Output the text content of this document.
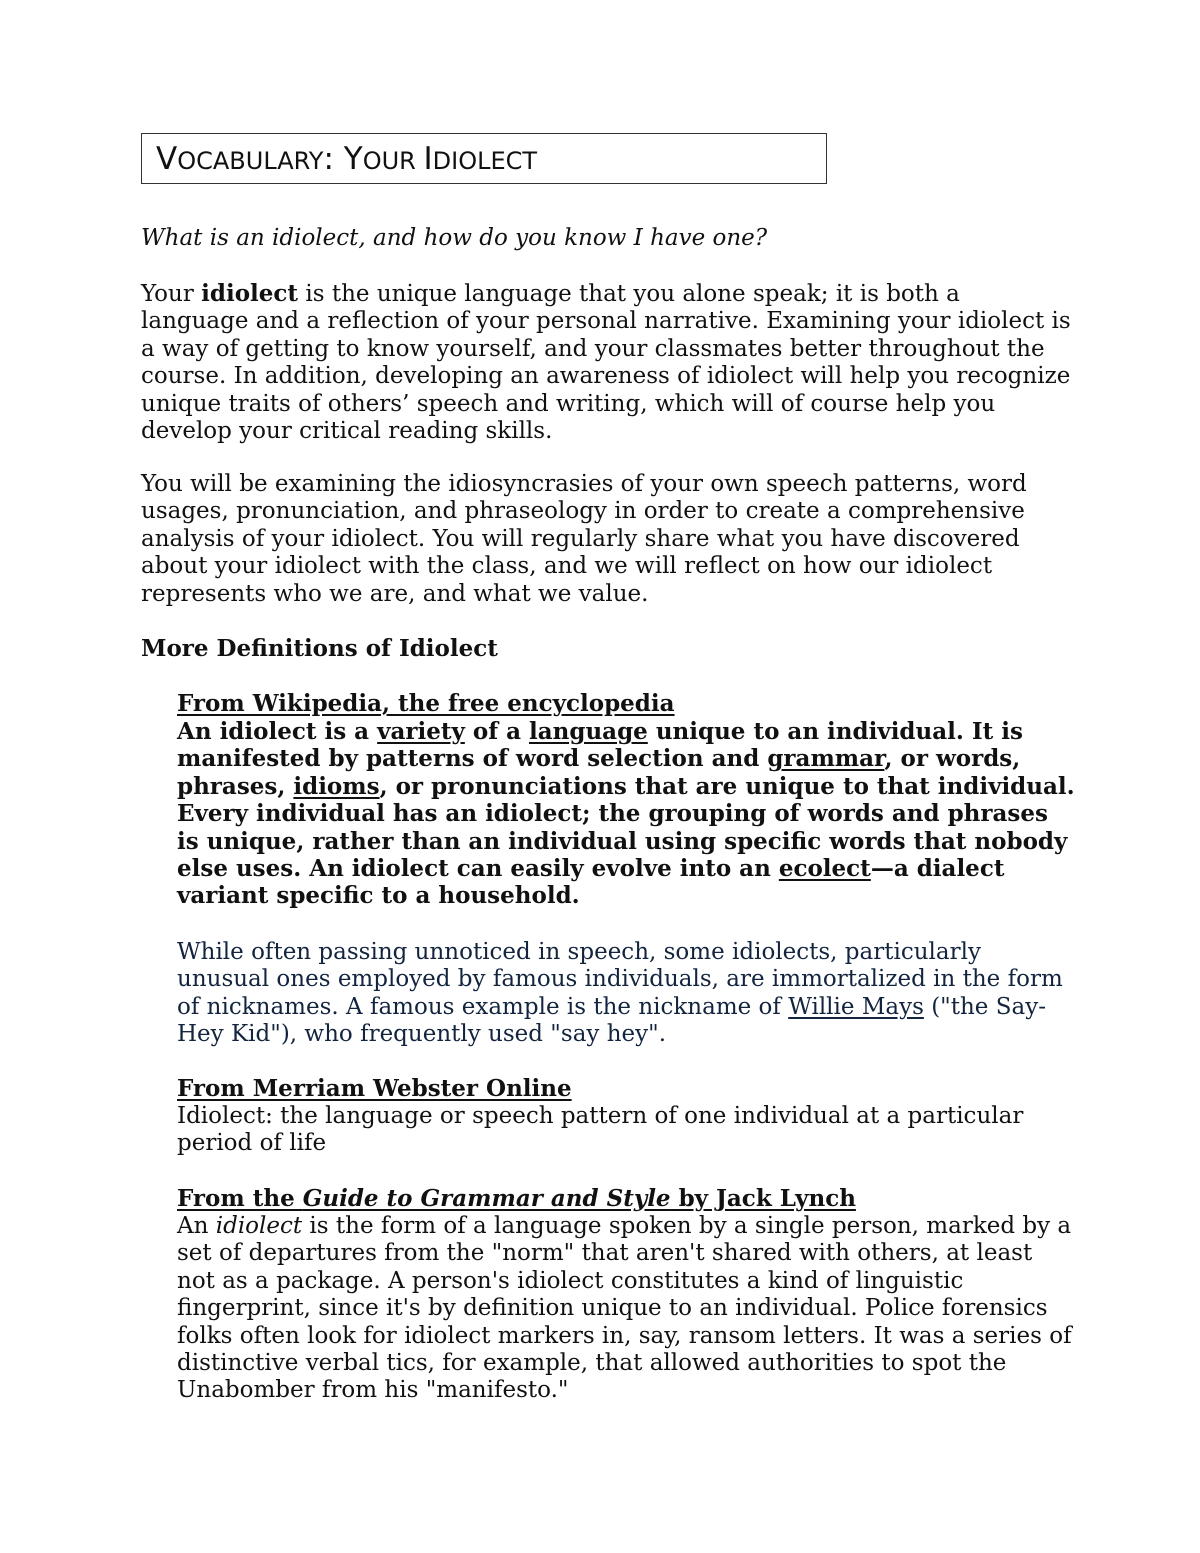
VOCABULARY: YOUR IDIOLECT

What is an idiolect, and how do you know I have one?

Your idiolect is the unique language that you alone speak; it is both a language and a reflection of your personal narrative. Examining your idiolect is a way of getting to know yourself, and your classmates better throughout the course. In addition, developing an awareness of idiolect will help you recognize unique traits of others’ speech and writing, which will of course help you develop your critical reading skills.

You will be examining the idiosyncrasies of your own speech patterns, word usages, pronunciation, and phraseology in order to create a comprehensive analysis of your idiolect. You will regularly share what you have discovered about your idiolect with the class, and we will reflect on how our idiolect represents who we are, and what we value.

More Definitions of Idiolect

From Wikipedia, the free encyclopedia

An idiolect is a variety of a language unique to an individual. It is manifested by patterns of word selection and grammar, or words, phrases, idioms, or pronunciations that are unique to that individual. Every individual has an idiolect; the grouping of words and phrases is unique, rather than an individual using specific words that nobody else uses. An idiolect can easily evolve into an ecolect—a dialect variant specific to a household.

While often passing unnoticed in speech, some idiolects, particularly unusual ones employed by famous individuals, are immortalized in the form of nicknames. A famous example is the nickname of Willie Mays ("the Say-Hey Kid"), who frequently used "say hey".

From Merriam Webster Online

Idiolect: the language or speech pattern of one individual at a particular period of life

From the Guide to Grammar and Style by Jack Lynch

An idiolect is the form of a language spoken by a single person, marked by a set of departures from the "norm" that aren't shared with others, at least not as a package. A person's idiolect constitutes a kind of linguistic fingerprint, since it's by definition unique to an individual. Police forensics folks often look for idiolect markers in, say, ransom letters. It was a series of distinctive verbal tics, for example, that allowed authorities to spot the Unabomber from his "manifesto."
